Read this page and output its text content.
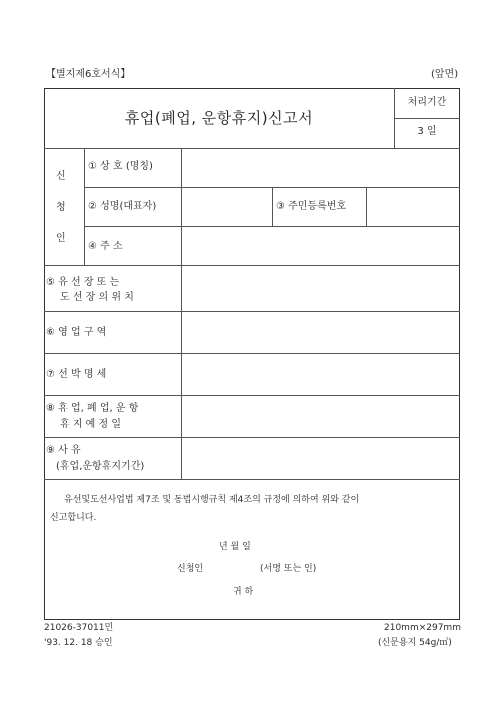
【별지제6호서식】	(앞면)
휴업(폐업, 운항휴지)신고서
처리기간
3 일
신
청
인
① 상 호 (명칭)
② 성명(대표자)	③ 주민등록번호
④ 주 소
⑤ 유 선 장 또 는
도 선 장 의 위 치
⑥ 영 업 구 역
⑦ 선 박 명 세
⑧ 휴 업, 폐 업, 운 항
휴 지 예 정 일
⑨ 사 유
(휴업,운항휴지기간)
유선및도선사업법 제7조 및 동법시행규칙 제4조의 규정에 의하여 위와 같이
신고합니다.
년 월 일
신청인	(서명 또는 인)
귀 하
21026-37011민	210mm×297mm
'93. 12. 18 승인	(신문용지 54g/㎡)
